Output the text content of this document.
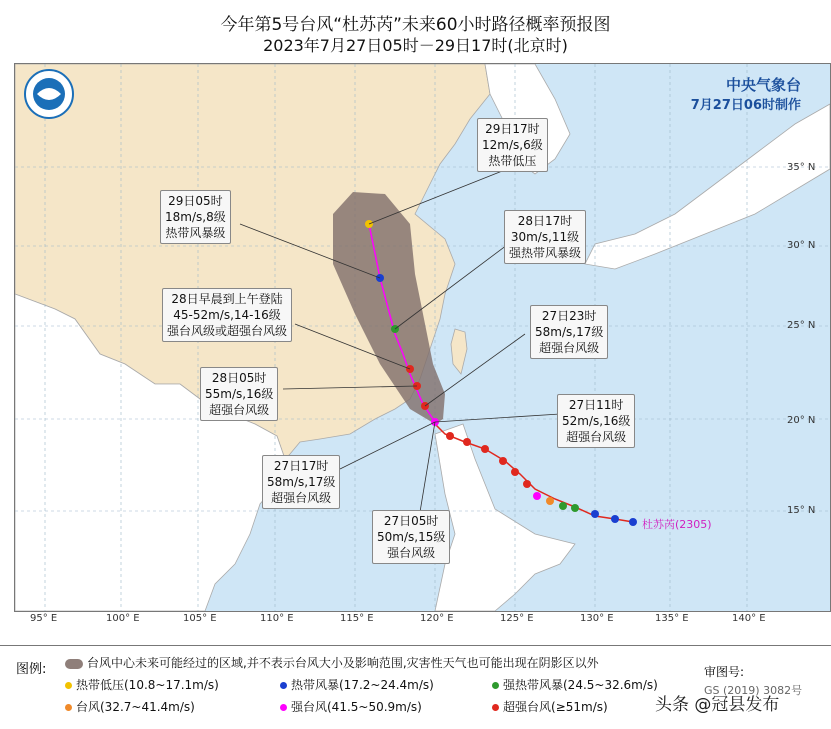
今年第5号台风“杜苏芮”未来60小时路径概率预报图
2023年7月27日05时－29日17时(北京时)
95° E	100° E	105° E	110° E	115° E	120° E	125° E	130° E	135° E	140° E
15° N
20° N
25° N
30° N
35° N
中央气象台
7月27日06时制作
29日17时
12m/s,6级
热带低压
29日05时
18m/s,8级
热带风暴级
28日17时
30m/s,11级
强热带风暴级
28日早晨到上午登陆
45-52m/s,14-16级
强台风级或超强台风级
27日23时
58m/s,17级
超强台风级
28日05时
55m/s,16级
超强台风级	27日11时
52m/s,16级
超强台风级
27日17时
58m/s,17级
超强台风级
27日05时
50m/s,15级
强台风级
杜苏芮(2305)
图例:	台风中心未来可能经过的区域,并不表示台风大小及影响范围,灾害性天气也可能出现在阴影区以外
热带低压(10.8~17.1m/s)	热带风暴(17.2~24.4m/s)	强热带风暴(24.5~32.6m/s)
台风(32.7~41.4m/s)	强台风(41.5~50.9m/s)	超强台风(≥51m/s)
审图号:
GS (2019) 3082号
头条 @冠县发布
